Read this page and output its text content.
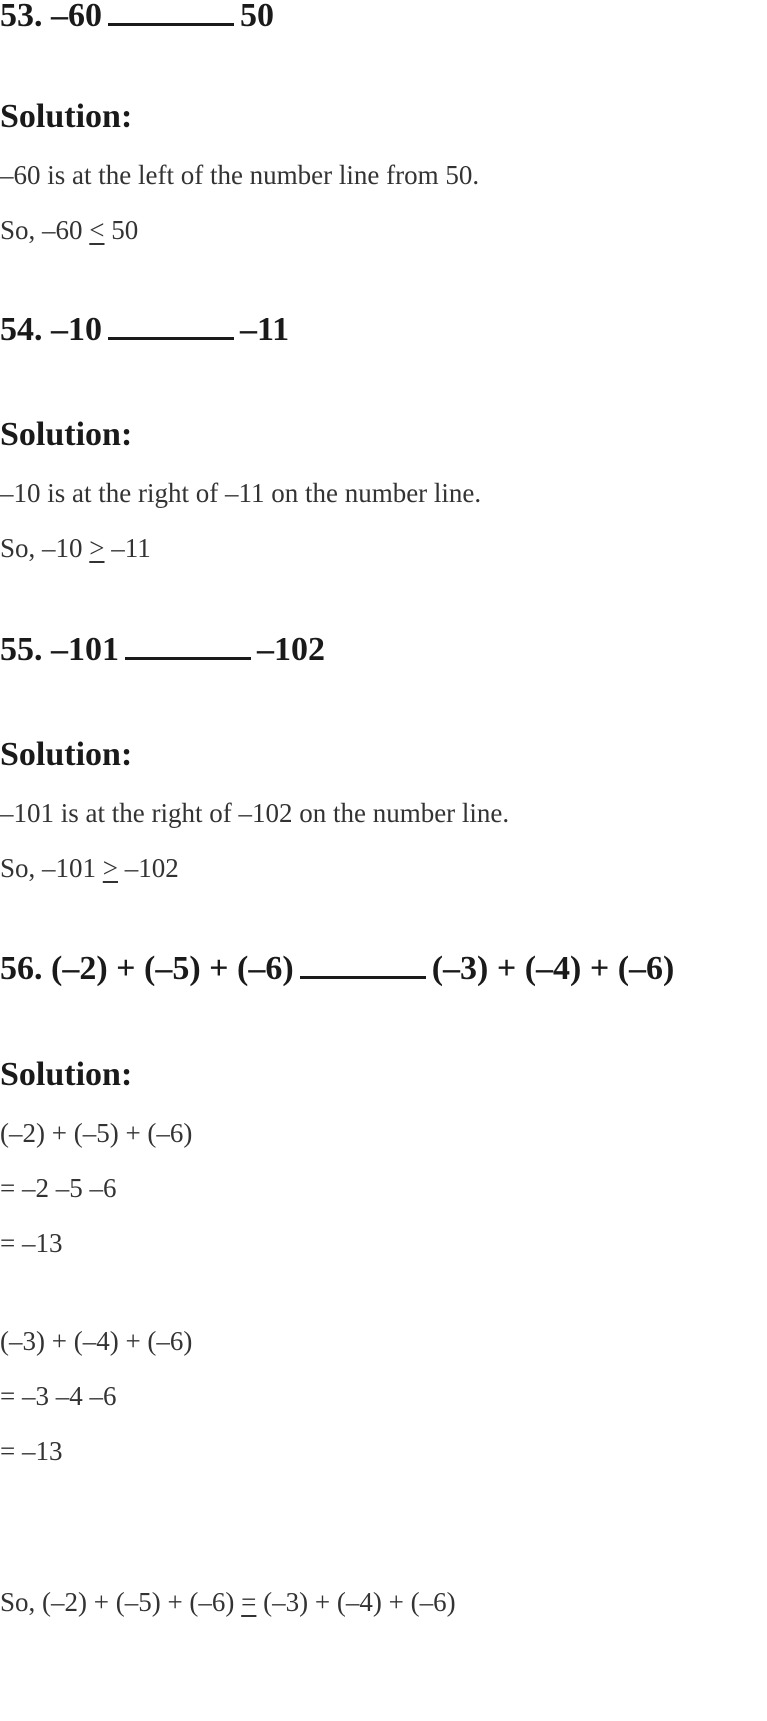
53. –60	50
Solution:
–60 is at the left of the number line from 50.
So, –60 < 50
54. –10	–11
Solution:
–10 is at the right of –11 on the number line.
So, –10 > –11
55. –101	–102
Solution:
–101 is at the right of –102 on the number line.
So, –101 > –102
56. (–2) + (–5) + (–6)	(–3) + (–4) + (–6)
Solution:
(–2) + (–5) + (–6)
= –2 –5 –6
= –13
(–3) + (–4) + (–6)
= –3 –4 –6
= –13
So, (–2) + (–5) + (–6) = (–3) + (–4) + (–6)
